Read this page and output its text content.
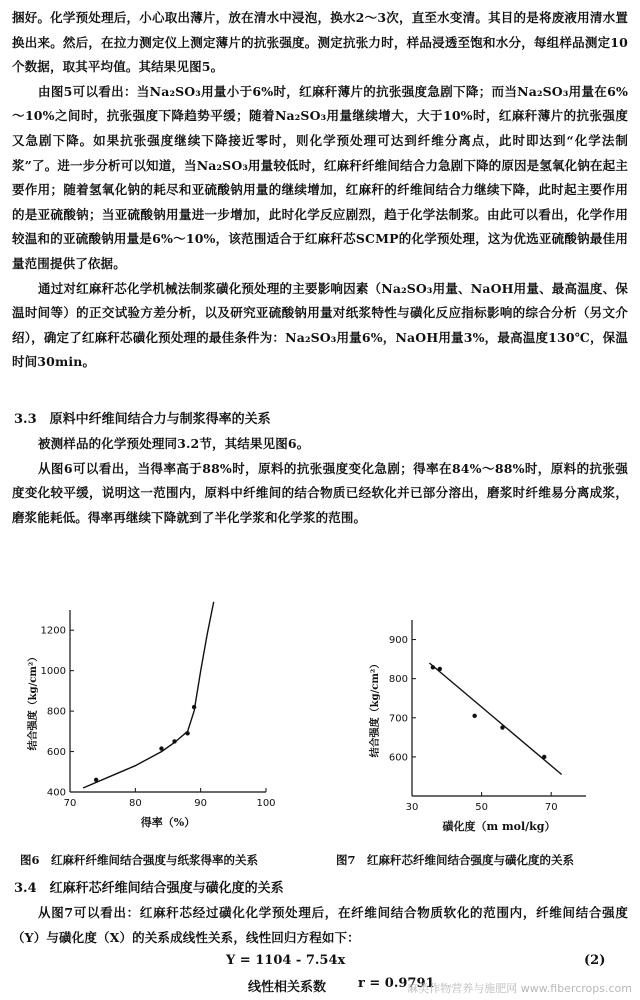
捆好。化学预处理后，小心取出薄片，放在清水中浸泡，换水2～3次，直至水变清。其目的是将废液用清水置换出来。然后，在拉力测定仪上测定薄片的抗张强度。测定抗张力时，样品浸透至饱和水分，每组样品测定10个数据，取其平均值。其结果见图5。

由图5可以看出：当Na₂SO₃用量小于6%时，红麻秆薄片的抗张强度急剧下降；而当Na₂SO₃用量在6%～10%之间时，抗张强度下降趋势平缓；随着Na₂SO₃用量继续增大，大于10%时，红麻秆薄片的抗张强度又急剧下降。如果抗张强度继续下降接近零时，则化学预处理可达到纤维分离点，此时即达到“化学法制浆”了。进一步分析可以知道，当Na₂SO₃用量较低时，红麻秆纤维间结合力急剧下降的原因是氢氧化钠在起主要作用；随着氢氧化钠的耗尽和亚硫酸钠用量的继续增加，红麻秆的纤维间结合力继续下降，此时起主要作用的是亚硫酸钠；当亚硫酸钠用量进一步增加，此时化学反应剧烈，趋于化学法制浆。由此可以看出，化学作用较温和的亚硫酸钠用量是6%～10%，该范围适合于红麻秆芯SCMP的化学预处理，这为优选亚硫酸钠最佳用量范围提供了依据。

通过对红麻秆芯化学机械法制浆磺化预处理的主要影响因素（Na₂SO₃用量、NaOH用量、最高温度、保温时间等）的正交试验方差分析，以及研究亚硫酸钠用量对纸浆特性与磺化反应指标影响的综合分析（另文介绍），确定了红麻秆芯磺化预处理的最佳条件为：Na₂SO₃用量6%，NaOH用量3%，最高温度130℃，保温时间30min。

3.3　原料中纤维间结合力与制浆得率的关系

被测样品的化学预处理同3.2节，其结果见图6。

从图6可以看出，当得率高于88%时，原料的抗张强度变化急剧；得率在84%～88%时，原料的抗张强度变化较平缓，说明这一范围内，原料中纤维间的结合物质已经软化并已部分溶出，磨浆时纤维易分离成浆，磨浆能耗低。得率再继续下降就到了半化学浆和化学浆的范围。

70	80	90	100
400
600
800
1000
1200
得率（%）
结合强度（kg/cm²）
30	50	70
600
700
800
900
磺化度（m mol/kg）
结合强度（kg/cm²）
图6　红麻秆纤维间结合强度与纸浆得率的关系	图7　红麻秆芯纤维间结合强度与磺化度的关系
3.4　红麻秆芯纤维间结合强度与磺化度的关系

从图7可以看出：红麻秆芯经过磺化化学预处理后，在纤维间结合物质软化的范围内，纤维间结合强度（Y）与磺化度（X）的关系成线性关系，线性回归方程如下：

Y = 1104 - 7.54x	(2)
线性相关系数 r = 0.9791
麻类作物营养与施肥网 www.fibercrops.com
